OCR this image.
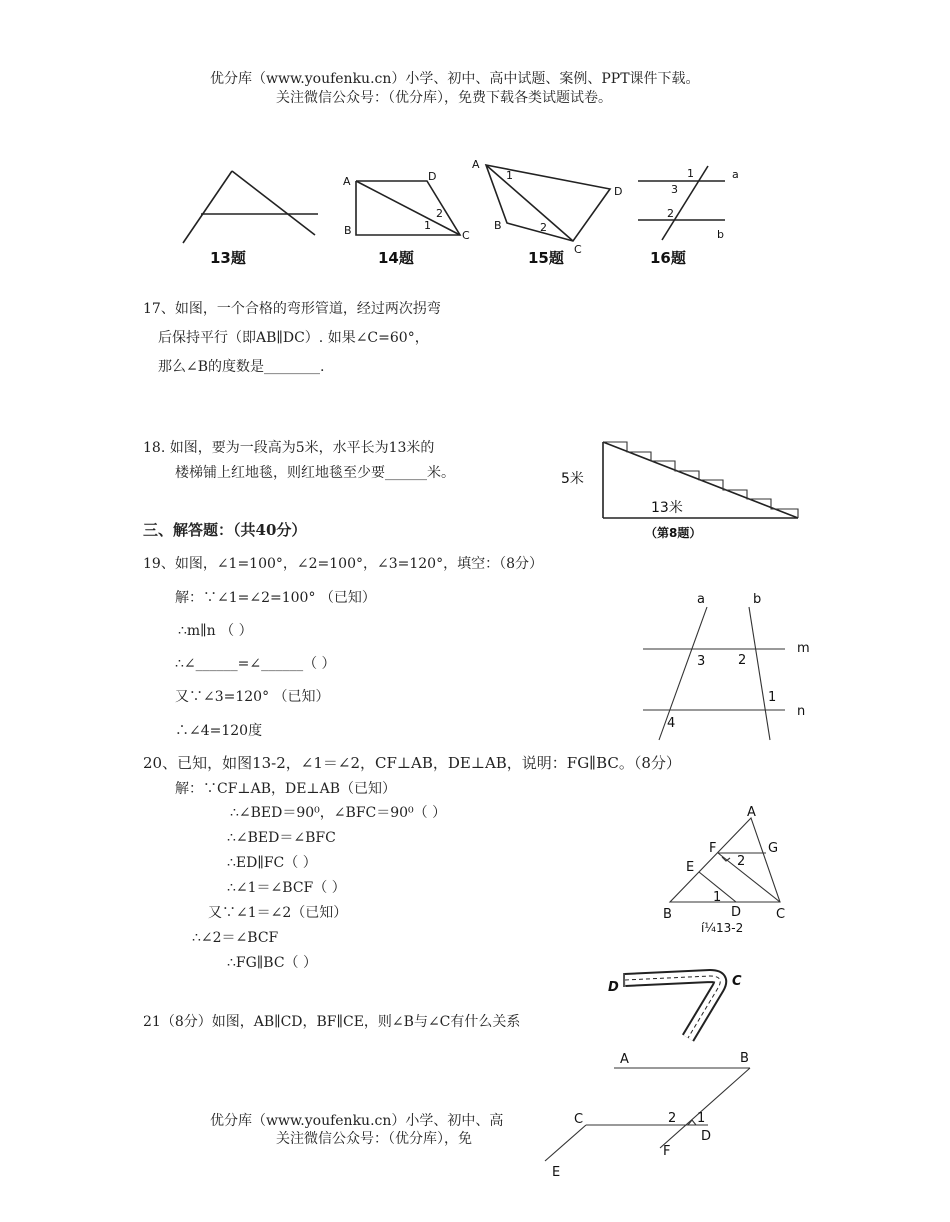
优分库（www.youfenku.cn）小学、初中、高中试题、案例、PPT课件下载。
关注微信公众号：（优分库），免费下载各类试题试卷。
13题
A	D
B	C
1
2
14题
A
1
D
B	2
C
15题
1	a
3
2
b
16题
17、如图，一个合格的弯形管道，经过两次拐弯
后保持平行（即AB∥DC）. 如果∠C=60°，
那么∠B的度数是________.
18. 如图，要为一段高为5米，水平长为13米的
楼梯铺上红地毯，则红地毯至少要______米。	5米
13米
（第8题）
D	C
三、解答题：（共40分）
19、如图，∠1=100°，∠2=100°，∠3=120°，填空：（8分）
解：∵∠1=∠2=100° （已知）
∴m∥n （ ）
∴∠______=∠______（ ）
又∵∠3=120° （已知）
∴∠4=120度
a	b
m
3	2
1
n
4
20、已知，如图13-2，∠1＝∠2，CF⊥AB，DE⊥AB，说明：FG∥BC。（8分）
解：∵CF⊥AB，DE⊥AB（已知）
∴∠BED＝90⁰，∠BFC＝90⁰（ ）
∴∠BED＝∠BFC
∴ED∥FC（ ）
∴∠1＝∠BCF（ ）
又∵∠1＝∠2（已知）
∴∠2＝∠BCF
∴FG∥BC（ ）
A
F	G
2
E
1
B	D	C
í¼13-2
21（8分）如图，AB∥CD，BF∥CE，则∠B与∠C有什么关系
A	B
C	2 1
D
F
E
优分库（www.youfenku.cn）小学、初中、高
关注微信公众号：（优分库），免
